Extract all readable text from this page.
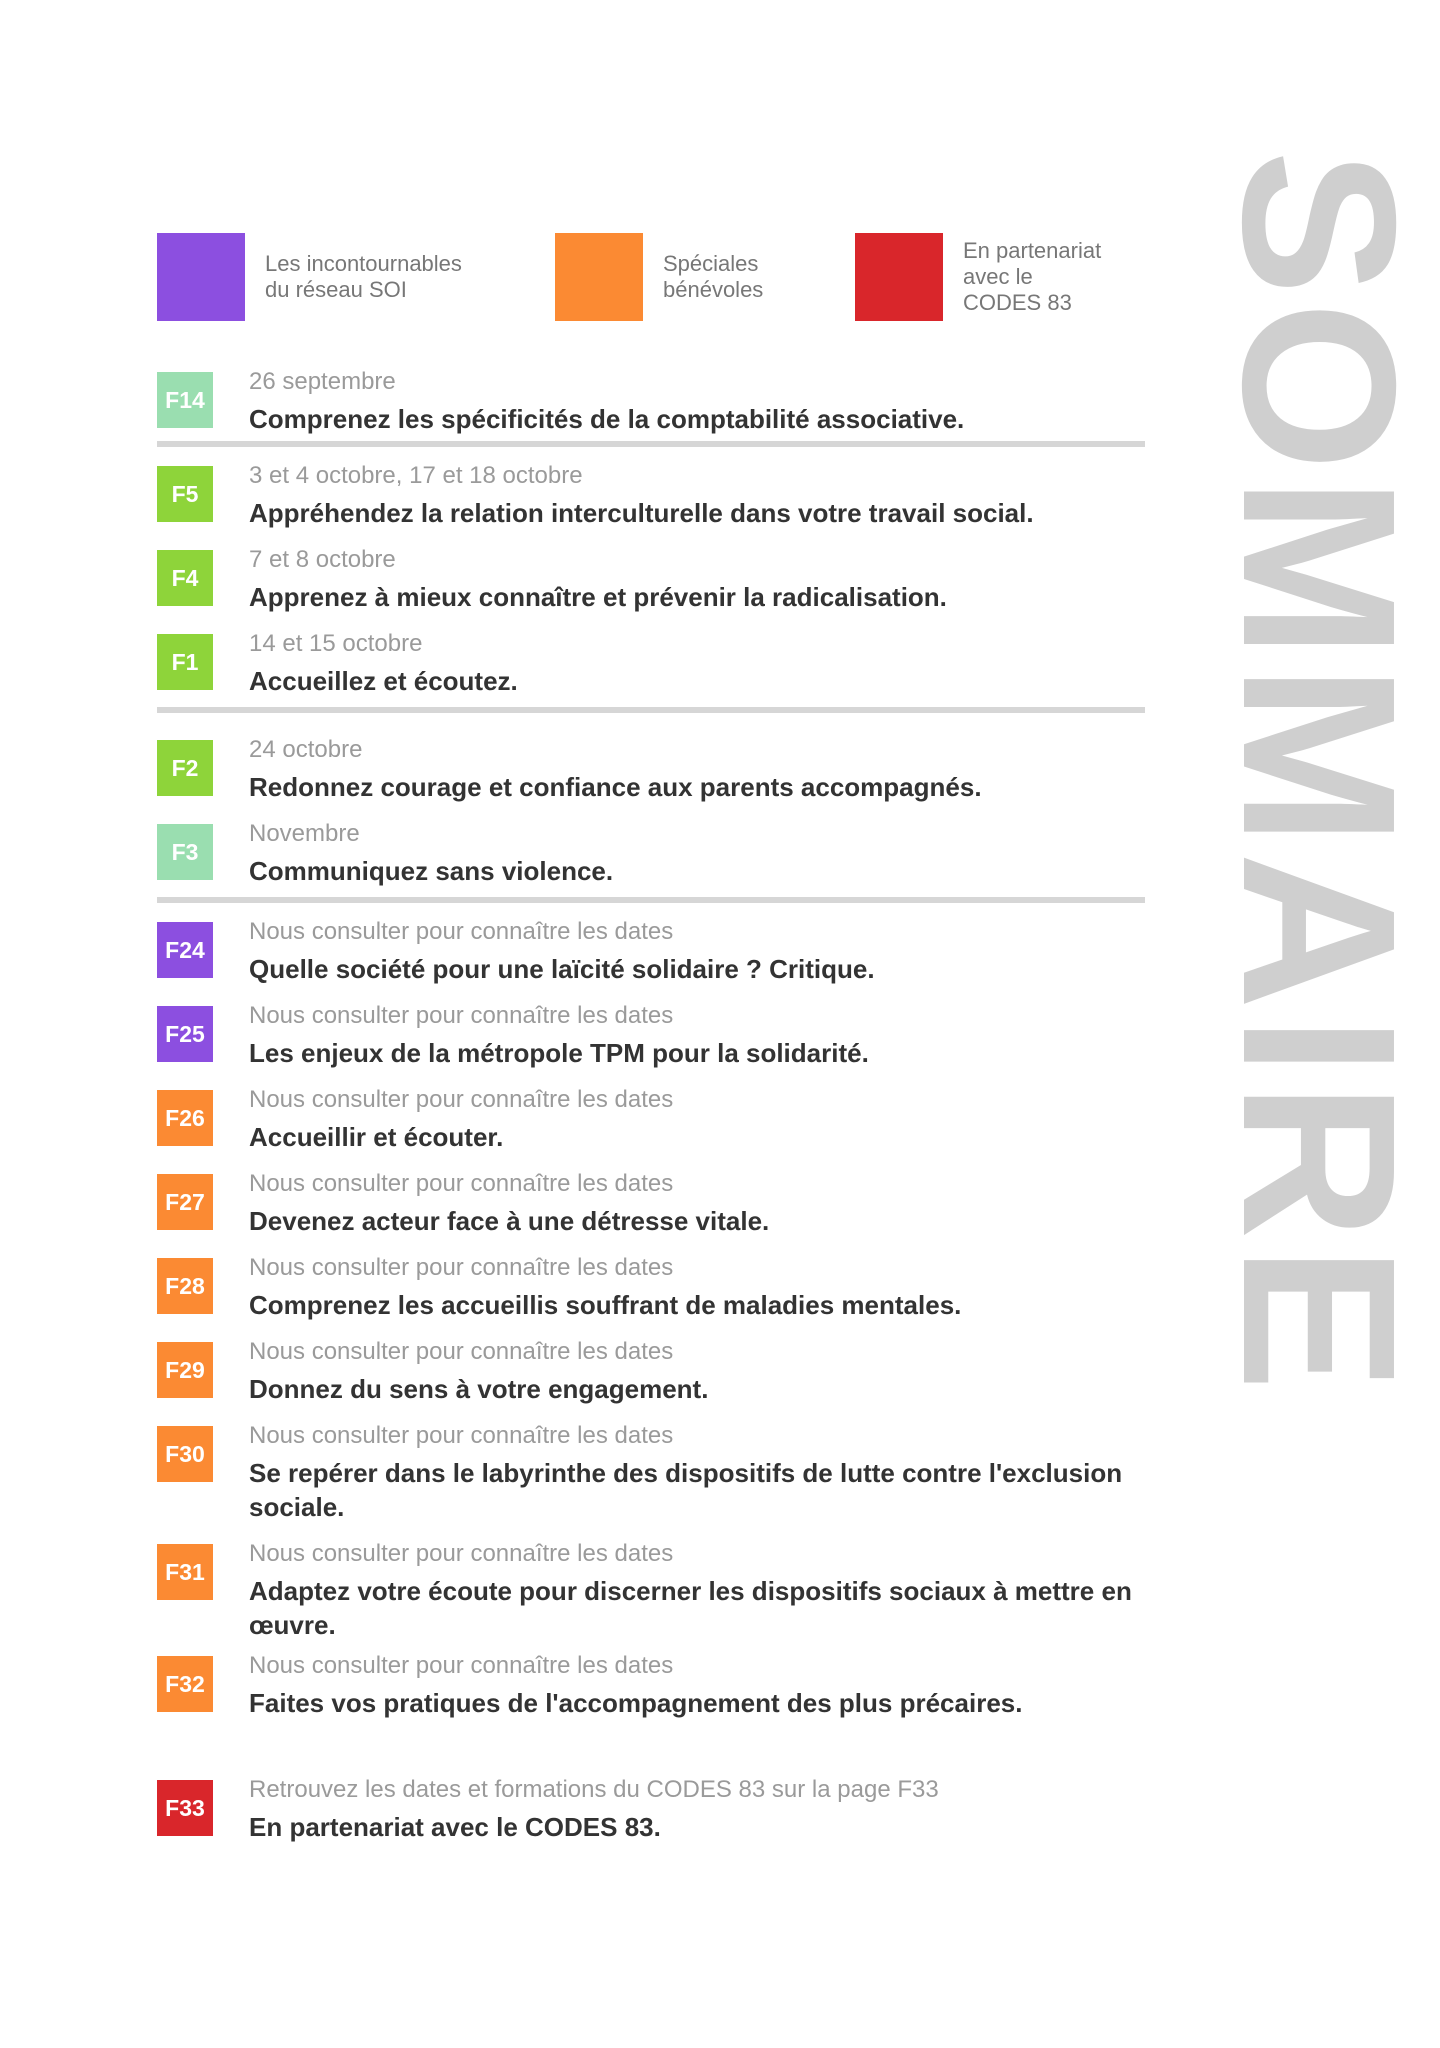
Les incontournables
du réseau SOI
Spéciales
bénévoles
En partenariat
avec le
CODES 83 SOMMAIRE
F14
26 septembre
Comprenez les spécificités de la comptabilité associative.
F5
3 et 4 octobre, 17 et 18 octobre
Appréhendez la relation interculturelle dans votre travail social.
F4
7 et 8 octobre
Apprenez à mieux connaître et prévenir la radicalisation.
F1
14 et 15 octobre
Accueillez et écoutez.
F2
24 octobre
Redonnez courage et confiance aux parents accompagnés.
F3
Novembre
Communiquez sans violence.
F24
Nous consulter pour connaître les dates
Quelle société pour une laïcité solidaire ? Critique.
F25
Nous consulter pour connaître les dates
Les enjeux de la métropole TPM pour la solidarité.
F26
Nous consulter pour connaître les dates
Accueillir et écouter.
F27
Nous consulter pour connaître les dates
Devenez acteur face à une détresse vitale.
F28
Nous consulter pour connaître les dates
Comprenez les accueillis souffrant de maladies mentales.
F29
Nous consulter pour connaître les dates
Donnez du sens à votre engagement.
F30
Nous consulter pour connaître les dates
Se repérer dans le labyrinthe des dispositifs de lutte contre l'exclusion sociale.
F31
Nous consulter pour connaître les dates
Adaptez votre écoute pour discerner les dispositifs sociaux à mettre en œuvre.
F32
Nous consulter pour connaître les dates
Faites vos pratiques de l'accompagnement des plus précaires.
F33
Retrouvez les dates et formations du CODES 83 sur la page F33
En partenariat avec le CODES 83.
